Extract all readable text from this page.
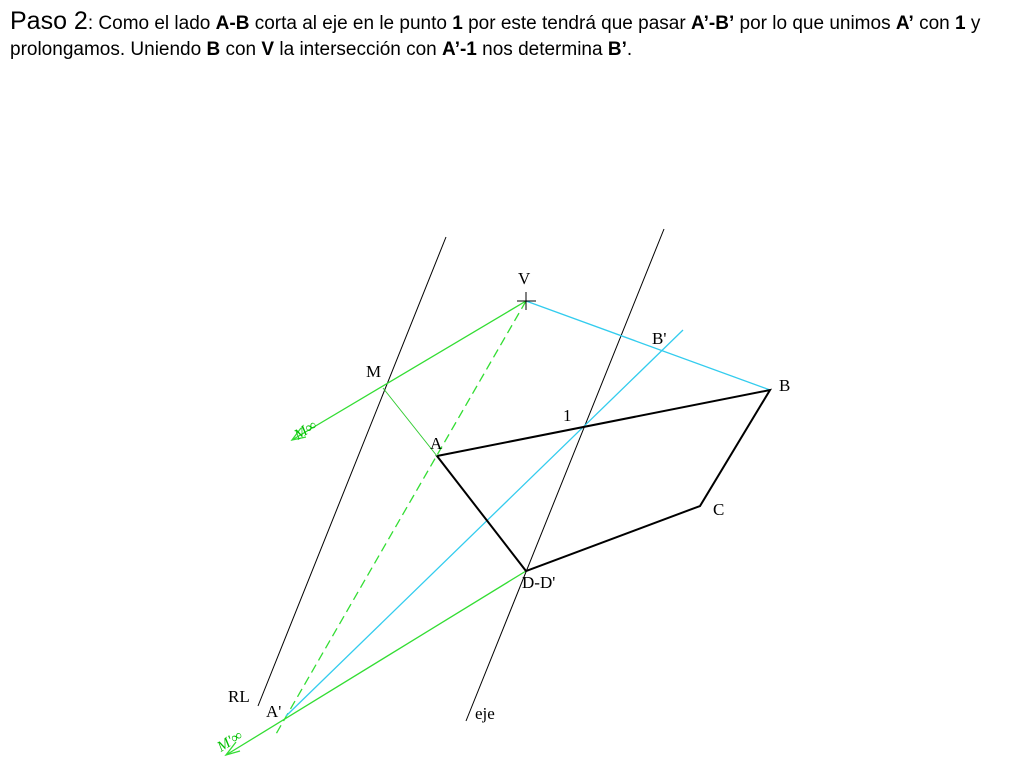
Paso 2: Como el lado A-B corta al eje en le punto 1 por este tendrá que pasar A’-B’ por lo que unimos A’ con 1 y prolongamos. Uniendo B con V la intersección con A’-1 nos determina B’.
V
B'
M
B
1
A
C
D-D'
RL
A'	eje
M∞
M'∞
